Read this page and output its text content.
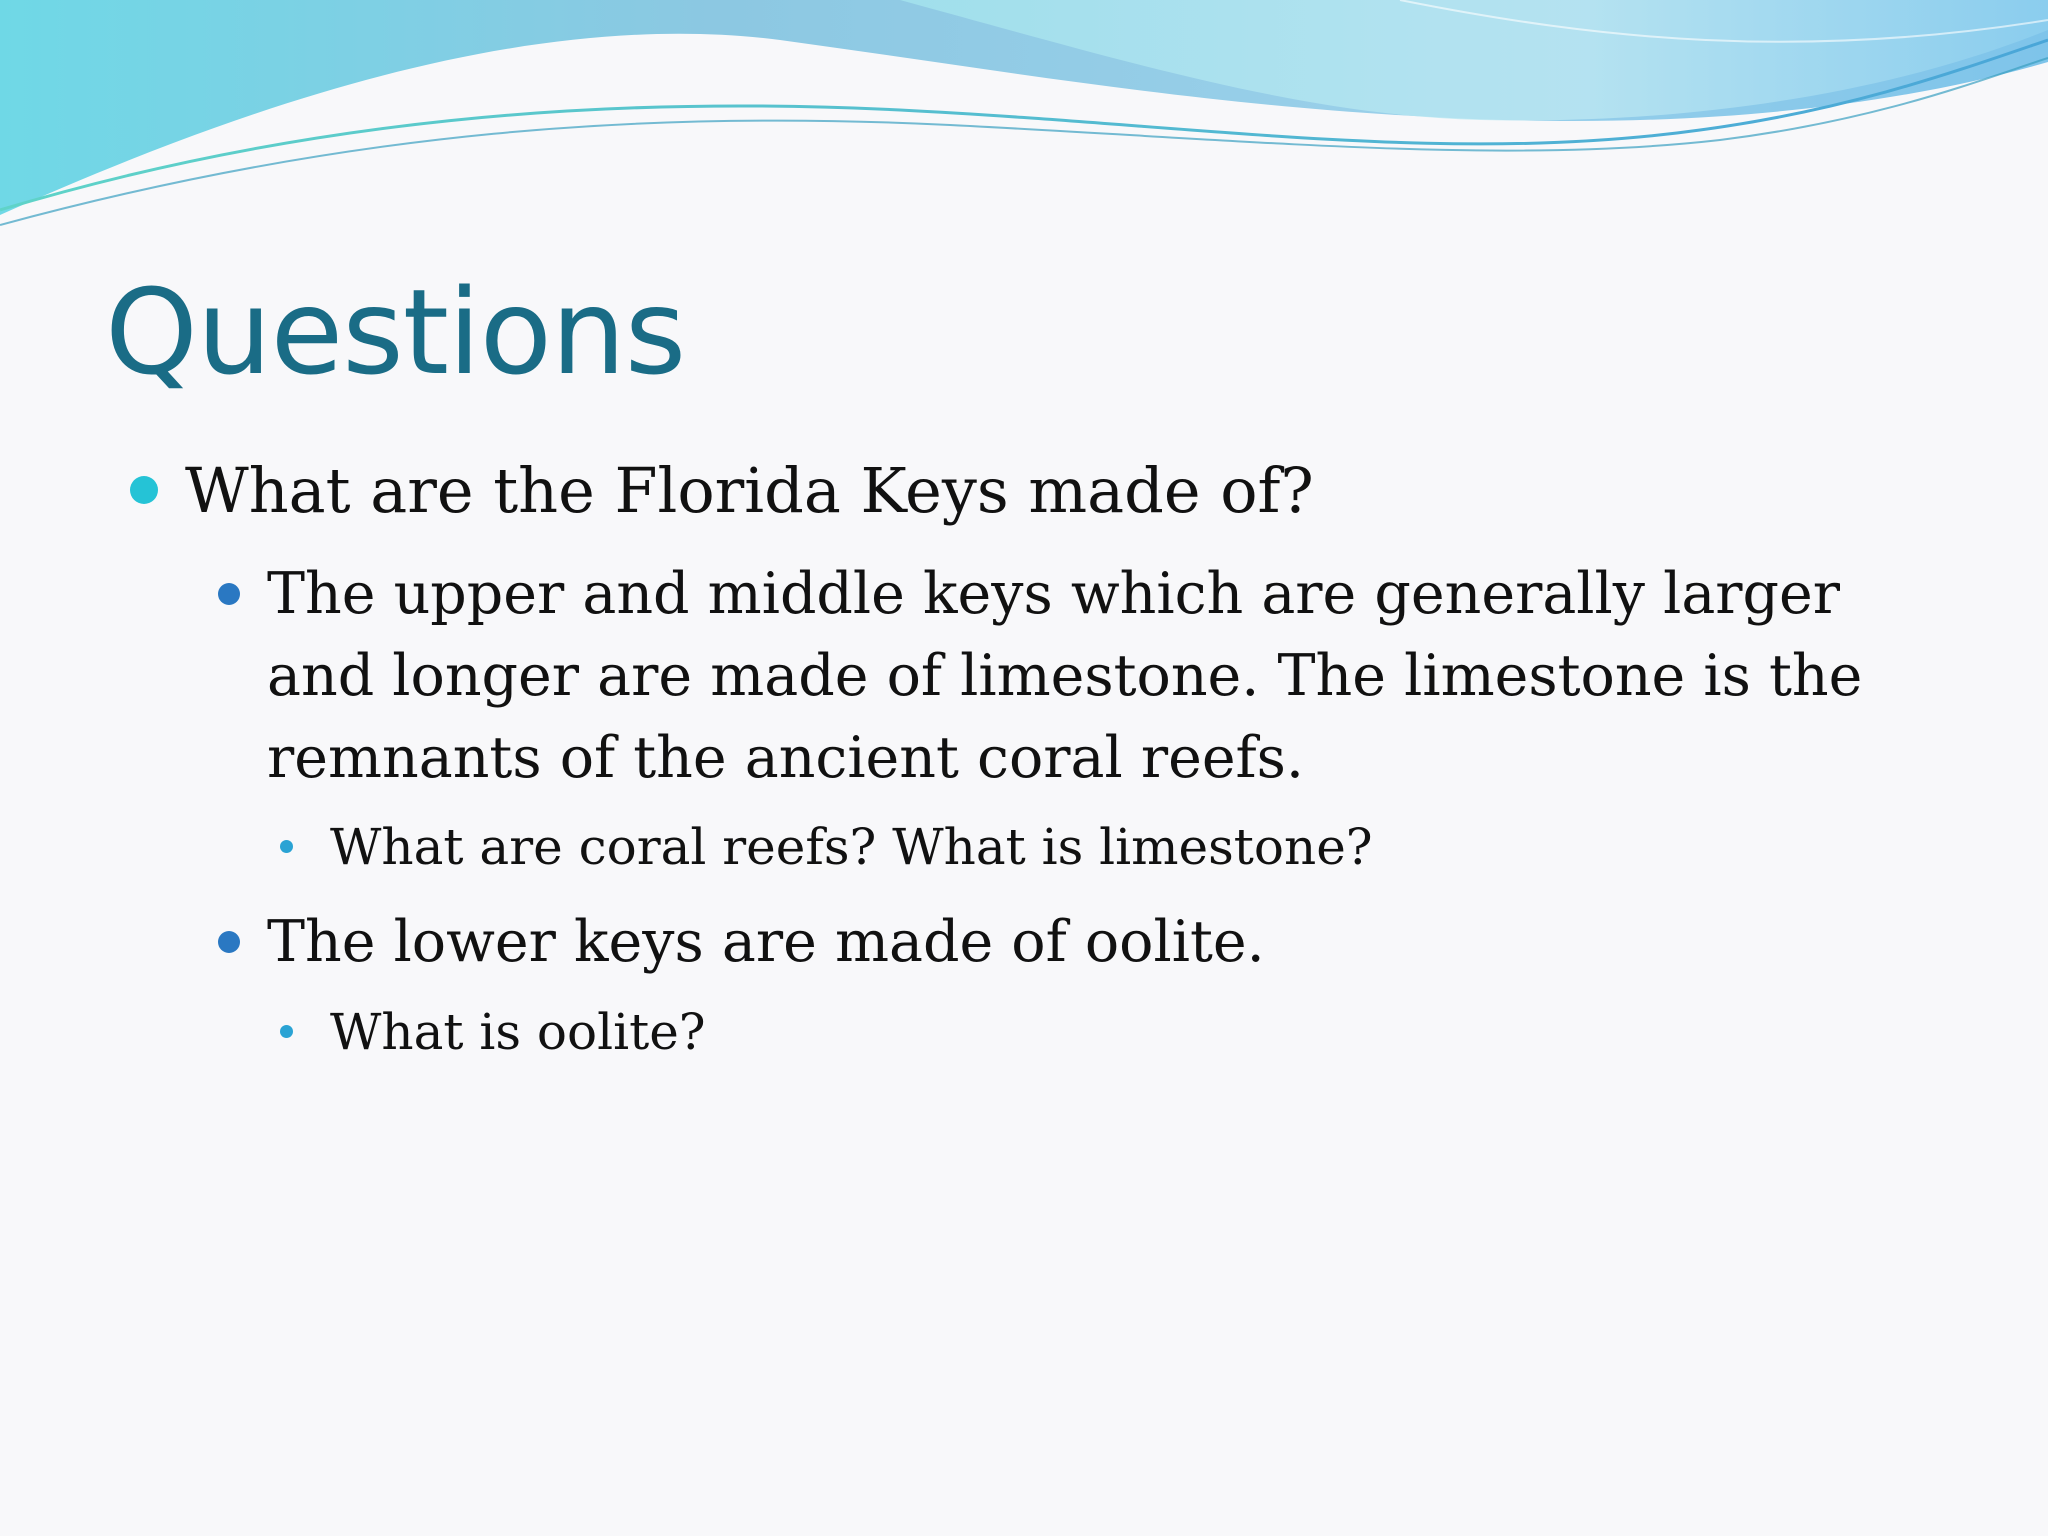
Questions
What are the Florida Keys made of?
The upper and middle keys which are generally larger
and longer are made of limestone. The limestone is the
remnants of the ancient coral reefs.
What are coral reefs? What is limestone?
The lower keys are made of oolite.
What is oolite?
